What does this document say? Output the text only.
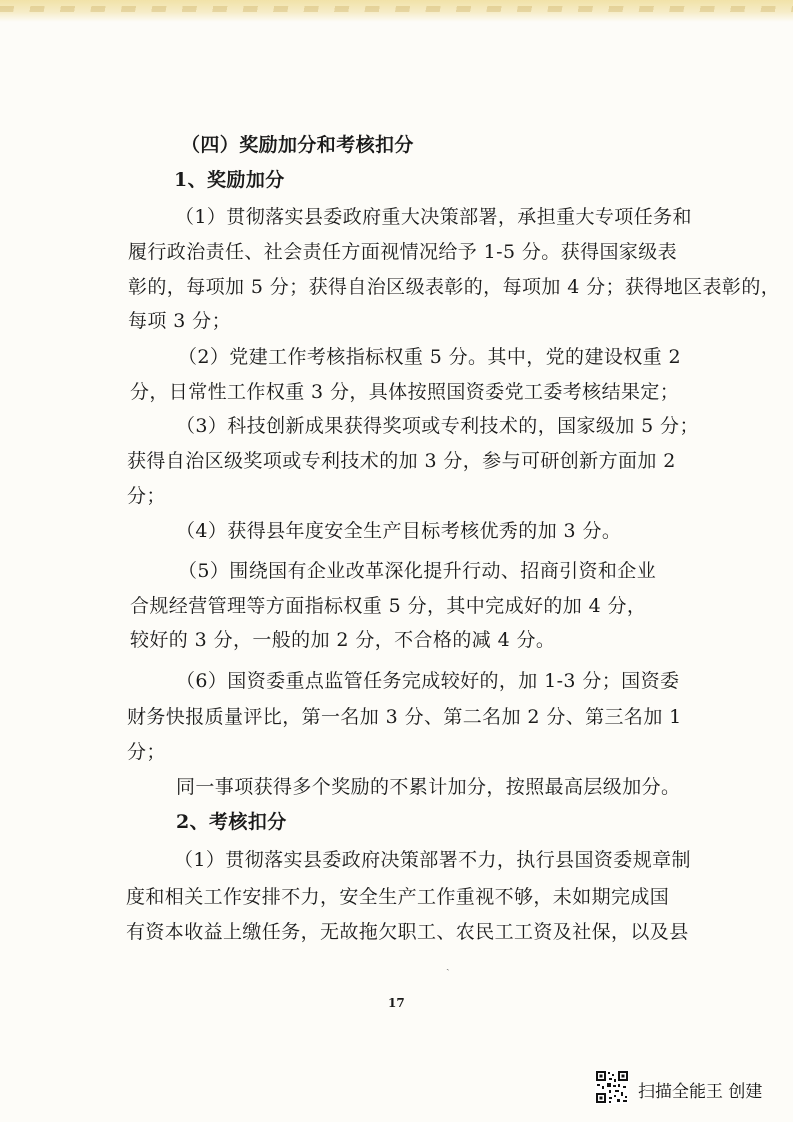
（四）奖励加分和考核扣分
1、奖励加分
（1）贯彻落实县委政府重大决策部署，承担重大专项任务和
履行政治责任、社会责任方面视情况给予 1-5 分。获得国家级表
彰的，每项加 5 分；获得自治区级表彰的，每项加 4 分；获得地区表彰的，
每项 3 分；
（2）党建工作考核指标权重 5 分。其中，党的建设权重 2
分，日常性工作权重 3 分，具体按照国资委党工委考核结果定；
（3）科技创新成果获得奖项或专利技术的，国家级加 5 分；
获得自治区级奖项或专利技术的加 3 分，参与可研创新方面加 2
分；
（4）获得县年度安全生产目标考核优秀的加 3 分。
（5）围绕国有企业改革深化提升行动、招商引资和企业
合规经营管理等方面指标权重 5 分，其中完成好的加 4 分，
较好的 3 分，一般的加 2 分，不合格的减 4 分。
（6）国资委重点监管任务完成较好的，加 1-3 分；国资委
财务快报质量评比，第一名加 3 分、第二名加 2 分、第三名加 1
分；
同一事项获得多个奖励的不累计加分，按照最高层级加分。
2、考核扣分
（1）贯彻落实县委政府决策部署不力，执行县国资委规章制
度和相关工作安排不力，安全生产工作重视不够，未如期完成国
有资本收益上缴任务，无故拖欠职工、农民工工资及社保，以及县
ˏ
17
扫描全能王 创建
